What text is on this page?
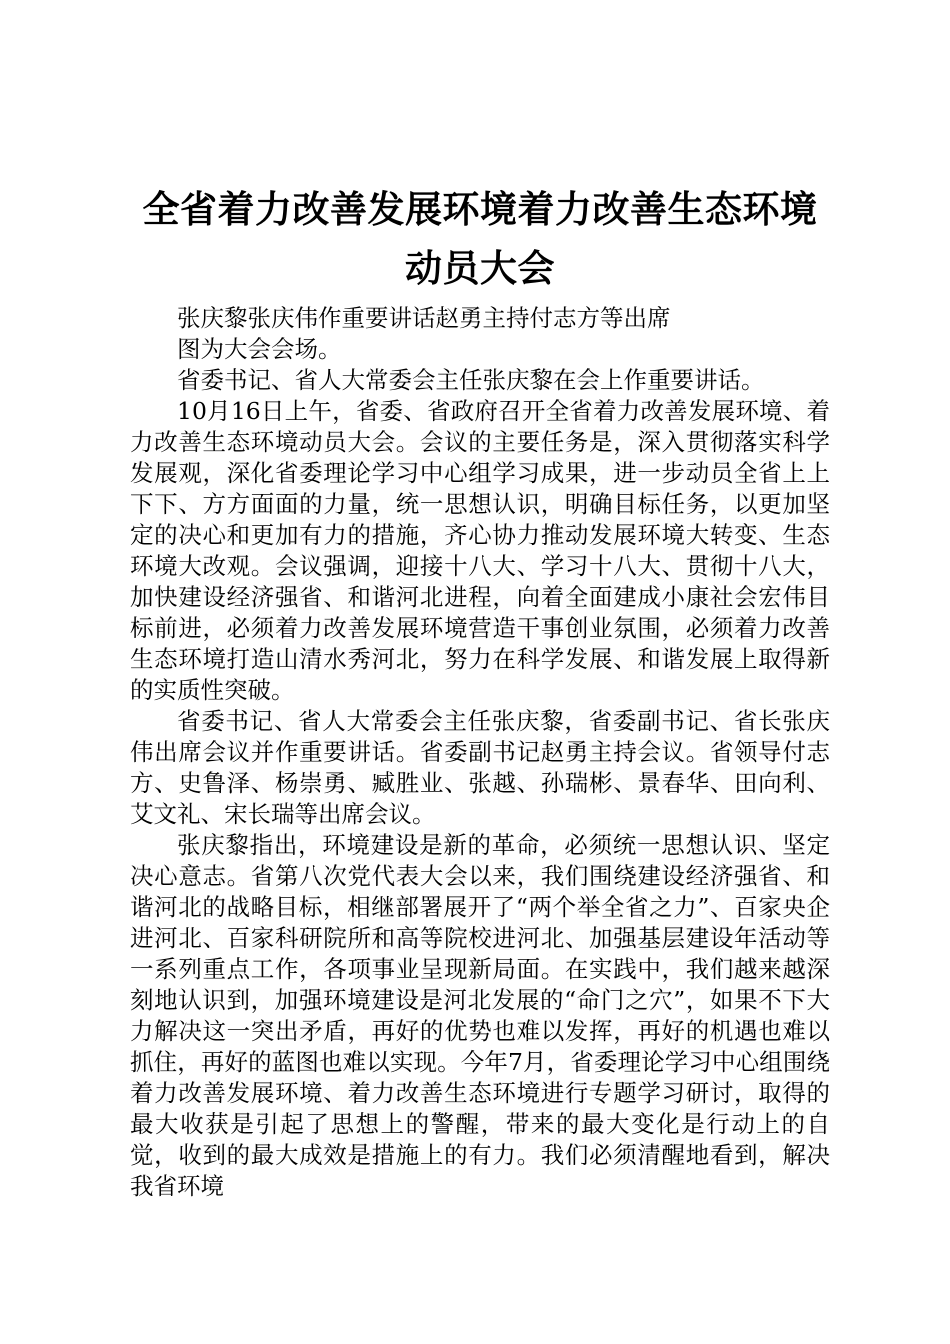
全省着力改善发展环境着力改善生态环境动员大会

张庆黎张庆伟作重要讲话赵勇主持付志方等出席

图为大会会场。

省委书记、省人大常委会主任张庆黎在会上作重要讲话。

10月16日上午，省委、省政府召开全省着力改善发展环境、着力改善生态环境动员大会。会议的主要任务是，深入贯彻落实科学发展观，深化省委理论学习中心组学习成果，进一步动员全省上上下下、方方面面的力量，统一思想认识，明确目标任务，以更加坚定的决心和更加有力的措施，齐心协力推动发展环境大转变、生态环境大改观。会议强调，迎接十八大、学习十八大、贯彻十八大，加快建设经济强省、和谐河北进程，向着全面建成小康社会宏伟目标前进，必须着力改善发展环境营造干事创业氛围，必须着力改善生态环境打造山清水秀河北，努力在科学发展、和谐发展上取得新的实质性突破。

省委书记、省人大常委会主任张庆黎，省委副书记、省长张庆伟出席会议并作重要讲话。省委副书记赵勇主持会议。省领导付志方、史鲁泽、杨崇勇、臧胜业、张越、孙瑞彬、景春华、田向利、艾文礼、宋长瑞等出席会议。

张庆黎指出，环境建设是新的革命，必须统一思想认识、坚定决心意志。省第八次党代表大会以来，我们围绕建设经济强省、和谐河北的战略目标，相继部署展开了“两个举全省之力”、百家央企进河北、百家科研院所和高等院校进河北、加强基层建设年活动等一系列重点工作，各项事业呈现新局面。在实践中，我们越来越深刻地认识到，加强环境建设是河北发展的“命门之穴”，如果不下大力解决这一突出矛盾，再好的优势也难以发挥，再好的机遇也难以抓住，再好的蓝图也难以实现。今年7月，省委理论学习中心组围绕着力改善发展环境、着力改善生态环境进行专题学习研讨，取得的最大收获是引起了思想上的警醒，带来的最大变化是行动上的自觉，收到的最大成效是措施上的有力。我们必须清醒地看到，解决我省环境
